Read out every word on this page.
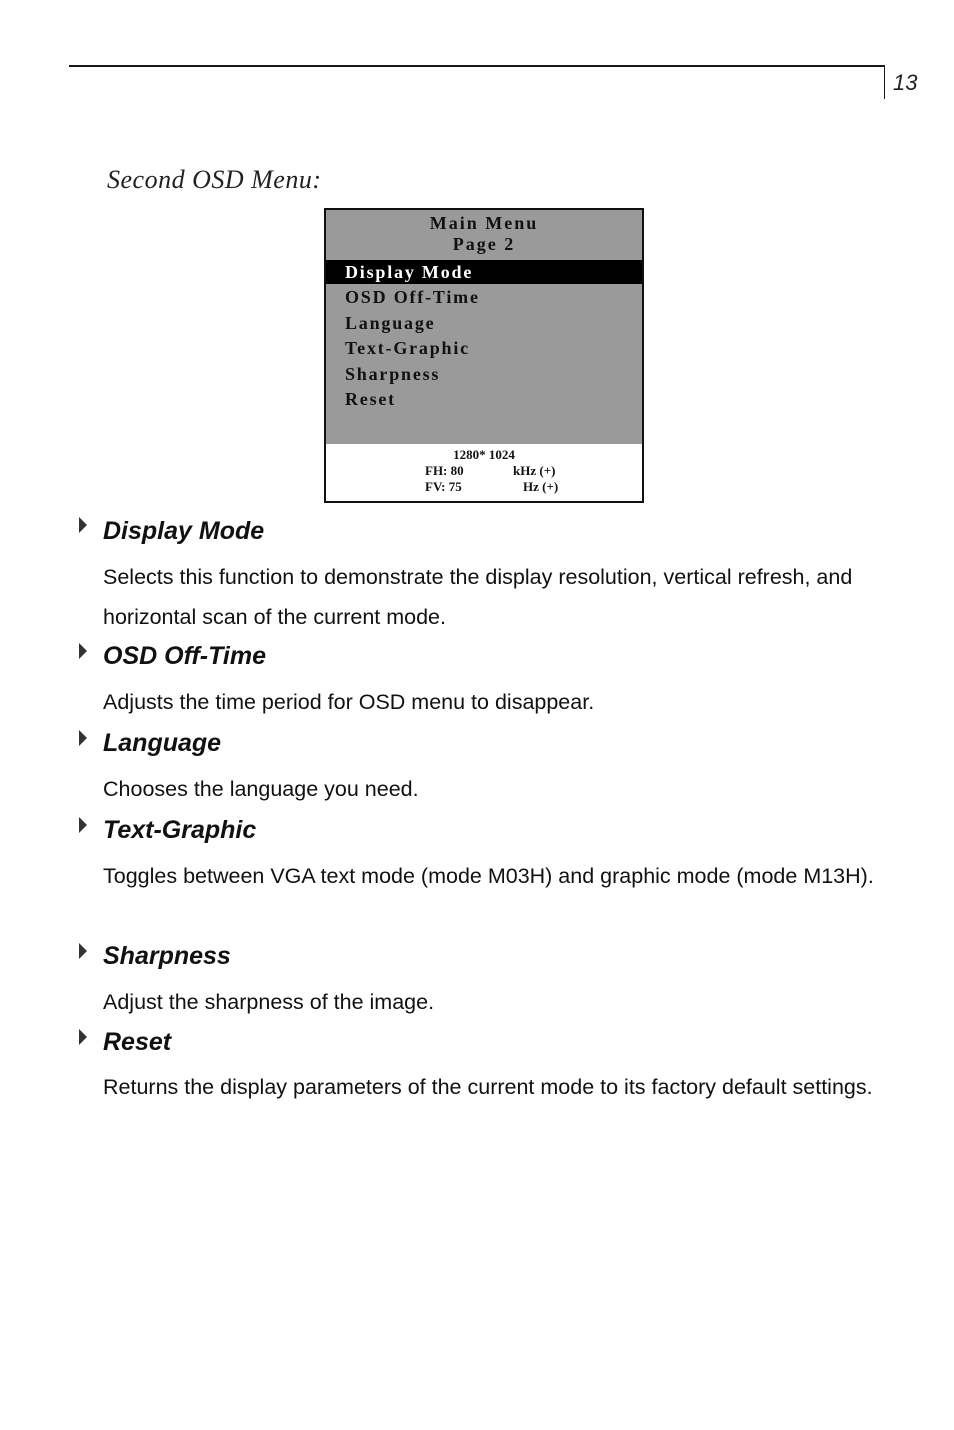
13
Second OSD Menu:
Main Menu
Page 2
Display Mode
OSD Off-Time
Language
Text-Graphic
Sharpness
Reset
1280* 1024
FH: 80	kHz (+)
FV: 75	Hz (+)
Display Mode
Selects this function to demonstrate the display resolution, vertical refresh, and horizontal scan of the current mode.
OSD Off-Time
Adjusts the time period for OSD menu to disappear.
Language
Chooses the language you need.
Text-Graphic
Toggles between VGA text mode (mode M03H) and graphic mode (mode M13H).
Sharpness
Adjust the sharpness of the image.
Reset
Returns the display parameters of the current mode to its factory default settings.
